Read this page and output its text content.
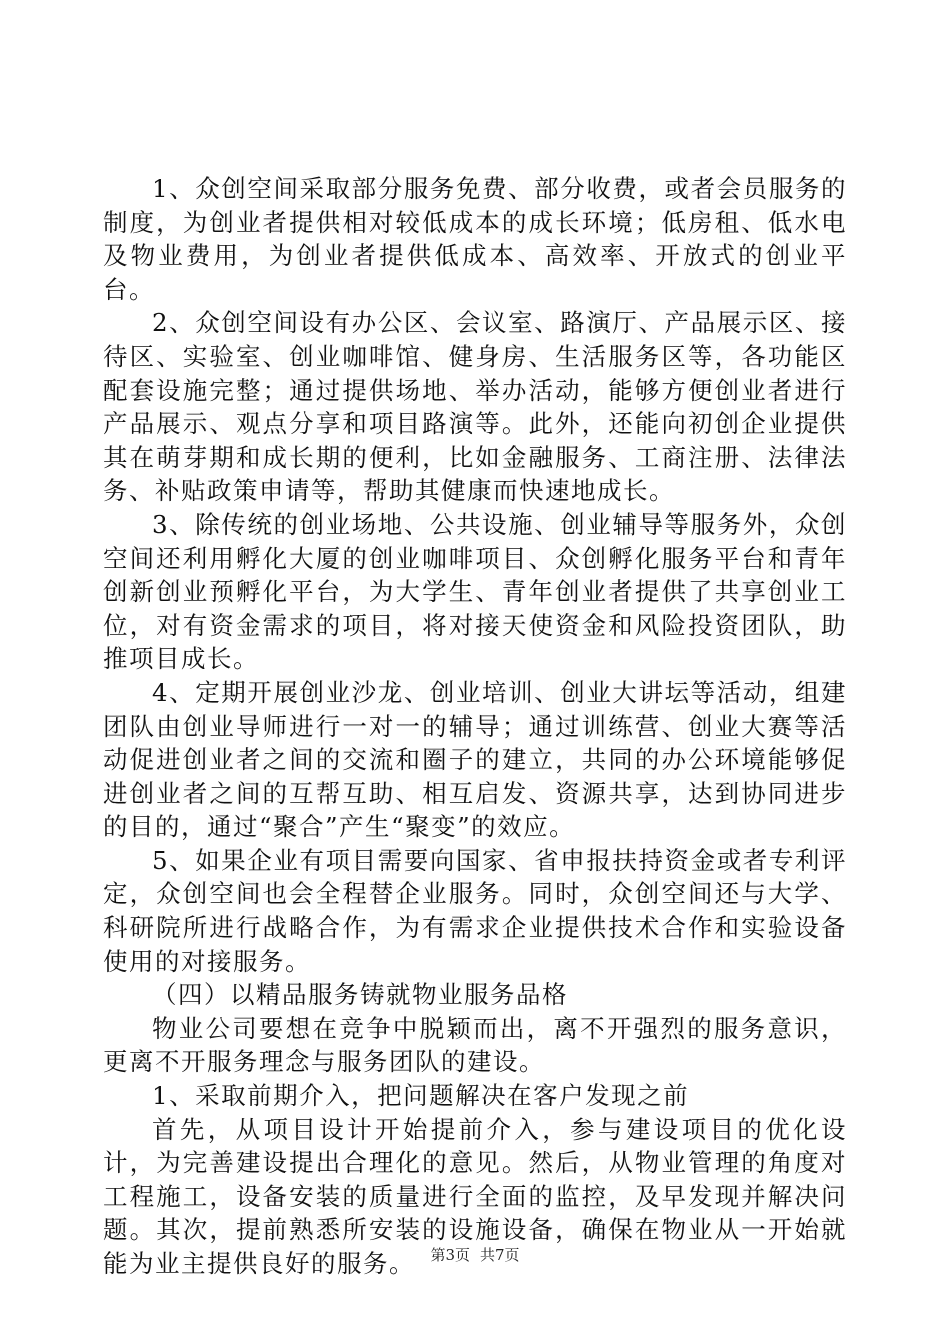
1、众创空间采取部分服务免费、部分收费，或者会员服务的制度，为创业者提供相对较低成本的成长环境；低房租、低水电及物业费用，为创业者提供低成本、高效率、开放式的创业平台。

2、众创空间设有办公区、会议室、路演厅、产品展示区、接待区、实验室、创业咖啡馆、健身房、生活服务区等，各功能区配套设施完整；通过提供场地、举办活动，能够方便创业者进行产品展示、观点分享和项目路演等。此外，还能向初创企业提供其在萌芽期和成长期的便利，比如金融服务、工商注册、法律法务、补贴政策申请等，帮助其健康而快速地成长。

3、除传统的创业场地、公共设施、创业辅导等服务外，众创空间还利用孵化大厦的创业咖啡项目、众创孵化服务平台和青年创新创业预孵化平台，为大学生、青年创业者提供了共享创业工位，对有资金需求的项目，将对接天使资金和风险投资团队，助推项目成长。

4、定期开展创业沙龙、创业培训、创业大讲坛等活动，组建团队由创业导师进行一对一的辅导；通过训练营、创业大赛等活动促进创业者之间的交流和圈子的建立，共同的办公环境能够促进创业者之间的互帮互助、相互启发、资源共享，达到协同进步的目的，通过“聚合”产生“聚变”的效应。

5、如果企业有项目需要向国家、省申报扶持资金或者专利评定，众创空间也会全程替企业服务。同时，众创空间还与大学、科研院所进行战略合作，为有需求企业提供技术合作和实验设备使用的对接服务。

（四）以精品服务铸就物业服务品格

物业公司要想在竞争中脱颖而出，离不开强烈的服务意识，更离不开服务理念与服务团队的建设。

1、采取前期介入，把问题解决在客户发现之前

首先，从项目设计开始提前介入，参与建设项目的优化设计，为完善建设提出合理化的意见。然后，从物业管理的角度对工程施工，设备安装的质量进行全面的监控，及早发现并解决问题。其次，提前熟悉所安装的设施设备，确保在物业从一开始就能为业主提供良好的服务。	第3页 共7页
